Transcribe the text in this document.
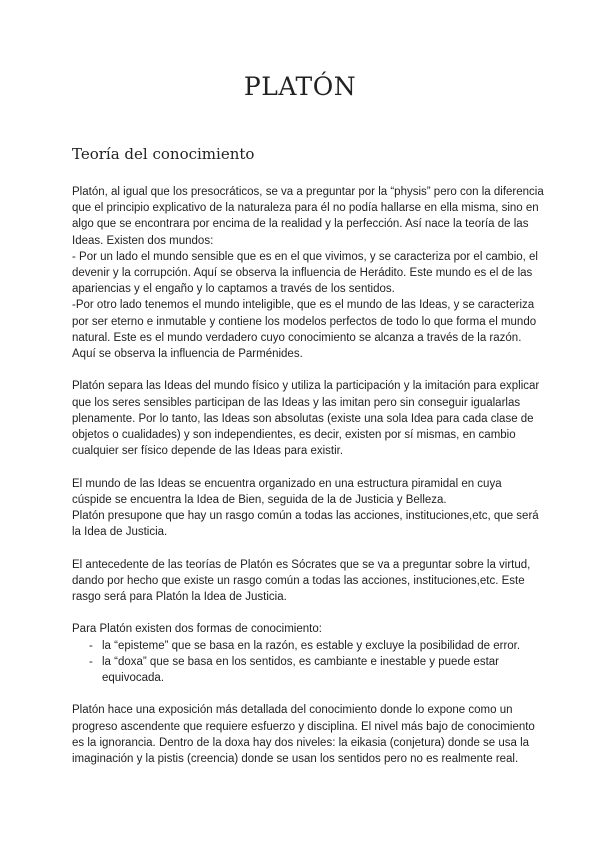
PLATÓN
Teoría del conocimiento
Platón, al igual que los presocráticos, se va a preguntar por la “physis” pero con la diferencia
que el principio explicativo de la naturaleza para él no podía hallarse en ella misma, sino en
algo que se encontrara por encima de la realidad y la perfección. Así nace la teoría de las
Ideas. Existen dos mundos:
- Por un lado el mundo sensible que es en el que vivimos, y se caracteriza por el cambio, el
devenir y la corrupción. Aquí se observa la influencia de Herádito. Este mundo es el de las
apariencias y el engaño y lo captamos a través de los sentidos.
-Por otro lado tenemos el mundo inteligible, que es el mundo de las Ideas, y se caracteriza
por ser eterno e inmutable y contiene los modelos perfectos de todo lo que forma el mundo
natural. Este es el mundo verdadero cuyo conocimiento se alcanza a través de la razón.
Aquí se observa la influencia de Parménides.
Platón separa las Ideas del mundo físico y utiliza la participación y la imitación para explicar
que los seres sensibles participan de las Ideas y las imitan pero sin conseguir igualarlas
plenamente. Por lo tanto, las Ideas son absolutas (existe una sola Idea para cada clase de
objetos o cualidades) y son independientes, es decir, existen por sí mismas, en cambio
cualquier ser físico depende de las Ideas para existir.
El mundo de las Ideas se encuentra organizado en una estructura piramidal en cuya
cúspide se encuentra la Idea de Bien, seguida de la de Justicia y Belleza.
Platón presupone que hay un rasgo común a todas las acciones, instituciones,etc, que será
la Idea de Justicia.
El antecedente de las teorías de Platón es Sócrates que se va a preguntar sobre la virtud,
dando por hecho que existe un rasgo común a todas las acciones, instituciones,etc. Este
rasgo será para Platón la Idea de Justicia.
Para Platón existen dos formas de conocimiento:
- la “episteme” que se basa en la razón, es estable y excluye la posibilidad de error.
- la “doxa” que se basa en los sentidos, es cambiante e inestable y puede estar
equivocada.
Platón hace una exposición más detallada del conocimiento donde lo expone como un
progreso ascendente que requiere esfuerzo y disciplina. El nivel más bajo de conocimiento
es la ignorancia. Dentro de la doxa hay dos niveles: la eikasia (conjetura) donde se usa la
imaginación y la pistis (creencia) donde se usan los sentidos pero no es realmente real.
